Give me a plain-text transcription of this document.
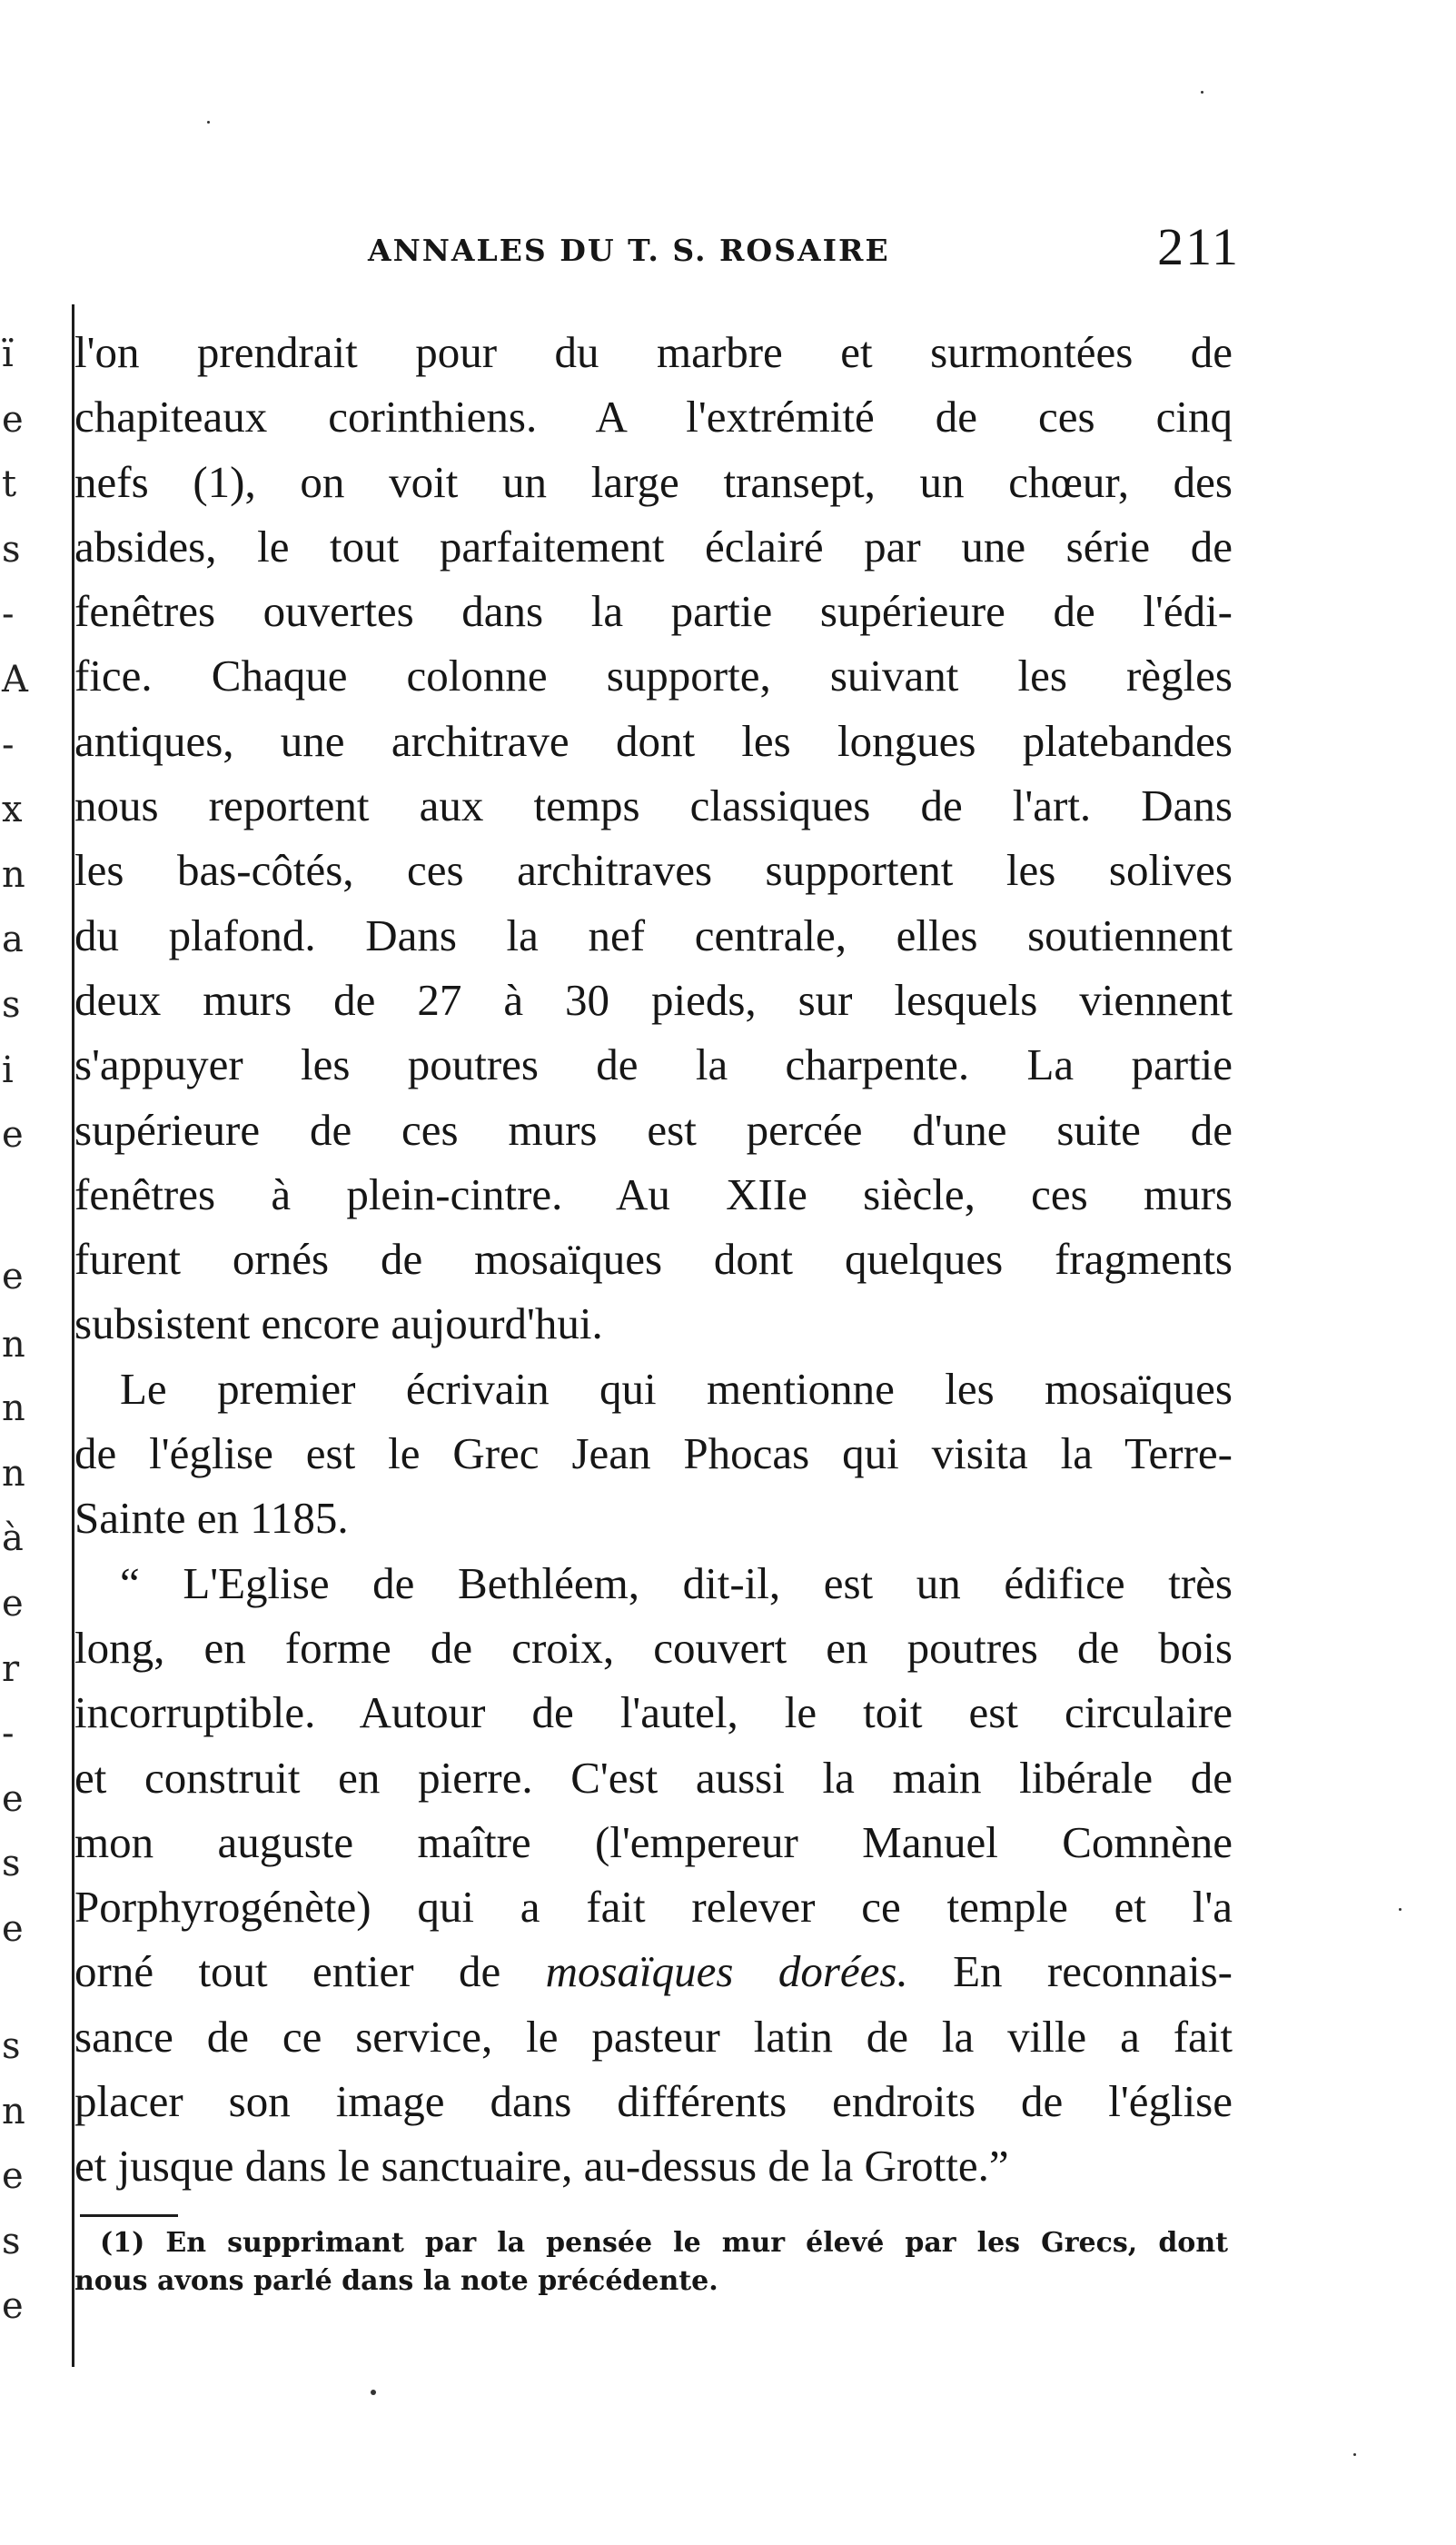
ï
e
t
s
-
A
-
x
n
a
s
i
e
e
n
n
n
à
e
r
-
e
s
e
s
n
e
s
e
ANNALES DU T. S. ROSAIRE	211
l'on prendrait pour du marbre et surmontées de
chapiteaux corinthiens. A l'extrémité de ces cinq
nefs (1), on voit un large transept, un chœur, des
absides, le tout parfaitement éclairé par une série de
fenêtres ouvertes dans la partie supérieure de l'édi-
fice. Chaque colonne supporte, suivant les règles
antiques, une architrave dont les longues platebandes
nous reportent aux temps classiques de l'art. Dans
les bas-côtés, ces architraves supportent les solives
du plafond. Dans la nef centrale, elles soutiennent
deux murs de 27 à 30 pieds, sur lesquels viennent
s'appuyer les poutres de la charpente. La partie
supérieure de ces murs est percée d'une suite de
fenêtres à plein-cintre. Au XIIe siècle, ces murs
furent ornés de mosaïques dont quelques fragments
subsistent encore aujourd'hui.
Le premier écrivain qui mentionne les mosaïques
de l'église est le Grec Jean Phocas qui visita la Terre-
Sainte en 1185.
“ L'Eglise de Bethléem, dit-il, est un édifice très
long, en forme de croix, couvert en poutres de bois
incorruptible. Autour de l'autel, le toit est circulaire
et construit en pierre. C'est aussi la main libérale de
mon auguste maître (l'empereur Manuel Comnène
Porphyrogénète) qui a fait relever ce temple et l'a
orné tout entier de mosaïques dorées. En reconnais-
sance de ce service, le pasteur latin de la ville a fait
placer son image dans différents endroits de l'église
et jusque dans le sanctuaire, au-dessus de la Grotte.”
(1) En supprimant par la pensée le mur élevé par les Grecs, dont
nous avons parlé dans la note précédente.
